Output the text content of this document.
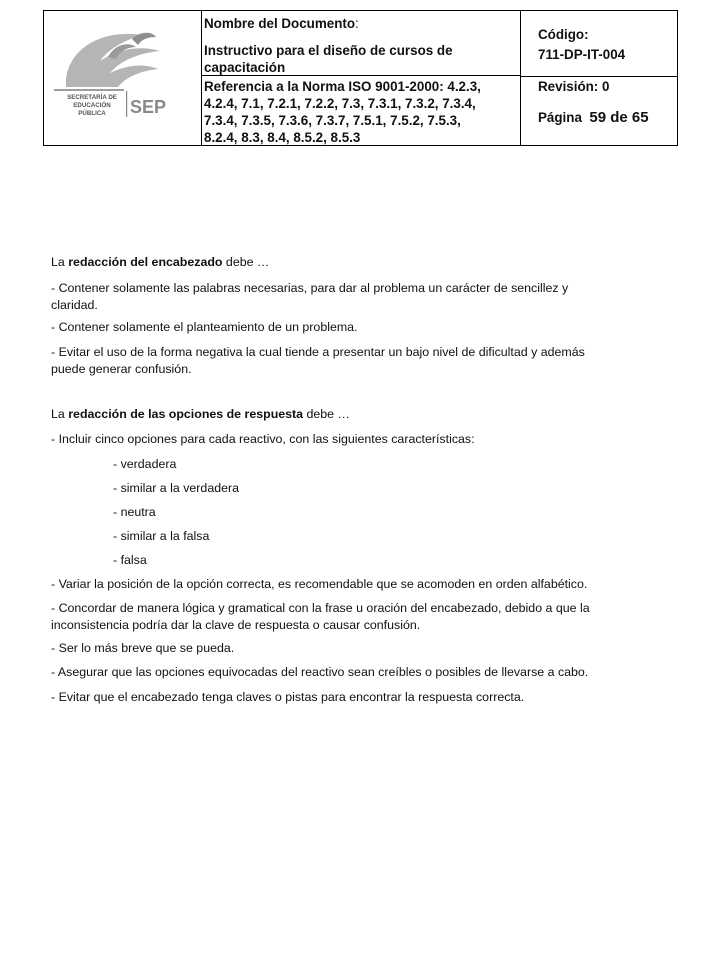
SECRETARÍA DE
EDUCACIÓN
PÚBLICA SEP
Nombre del Documento:
Instructivo para el diseño de cursos de
capacitación
Referencia a la Norma ISO 9001-2000: 4.2.3,
4.2.4, 7.1, 7.2.1, 7.2.2, 7.3, 7.3.1, 7.3.2, 7.3.4,
7.3.4, 7.3.5, 7.3.6, 7.3.7, 7.5.1, 7.5.2, 7.5.3,
8.2.4, 8.3, 8.4, 8.5.2, 8.5.3
Código:
711-DP-IT-004
Revisión: 0
Página 59 de 65
La redacción del encabezado debe …
- Contener solamente las palabras necesarias, para dar al problema un carácter de sencillez y
claridad.
- Contener solamente el planteamiento de un problema.
- Evitar el uso de la forma negativa la cual tiende a presentar un bajo nivel de dificultad y además
puede generar confusión.
La redacción de las opciones de respuesta debe …
- Incluir cinco opciones para cada reactivo, con las siguientes características:
- verdadera
- similar a la verdadera
- neutra
- similar a la falsa
- falsa
- Variar la posición de la opción correcta, es recomendable que se acomoden en orden alfabético.
- Concordar de manera lógica y gramatical con la frase u oración del encabezado, debido a que la
inconsistencia podría dar la clave de respuesta o causar confusión.
- Ser lo más breve que se pueda.
- Asegurar que las opciones equivocadas del reactivo sean creíbles o posibles de llevarse a cabo.
- Evitar que el encabezado tenga claves o pistas para encontrar la respuesta correcta.
